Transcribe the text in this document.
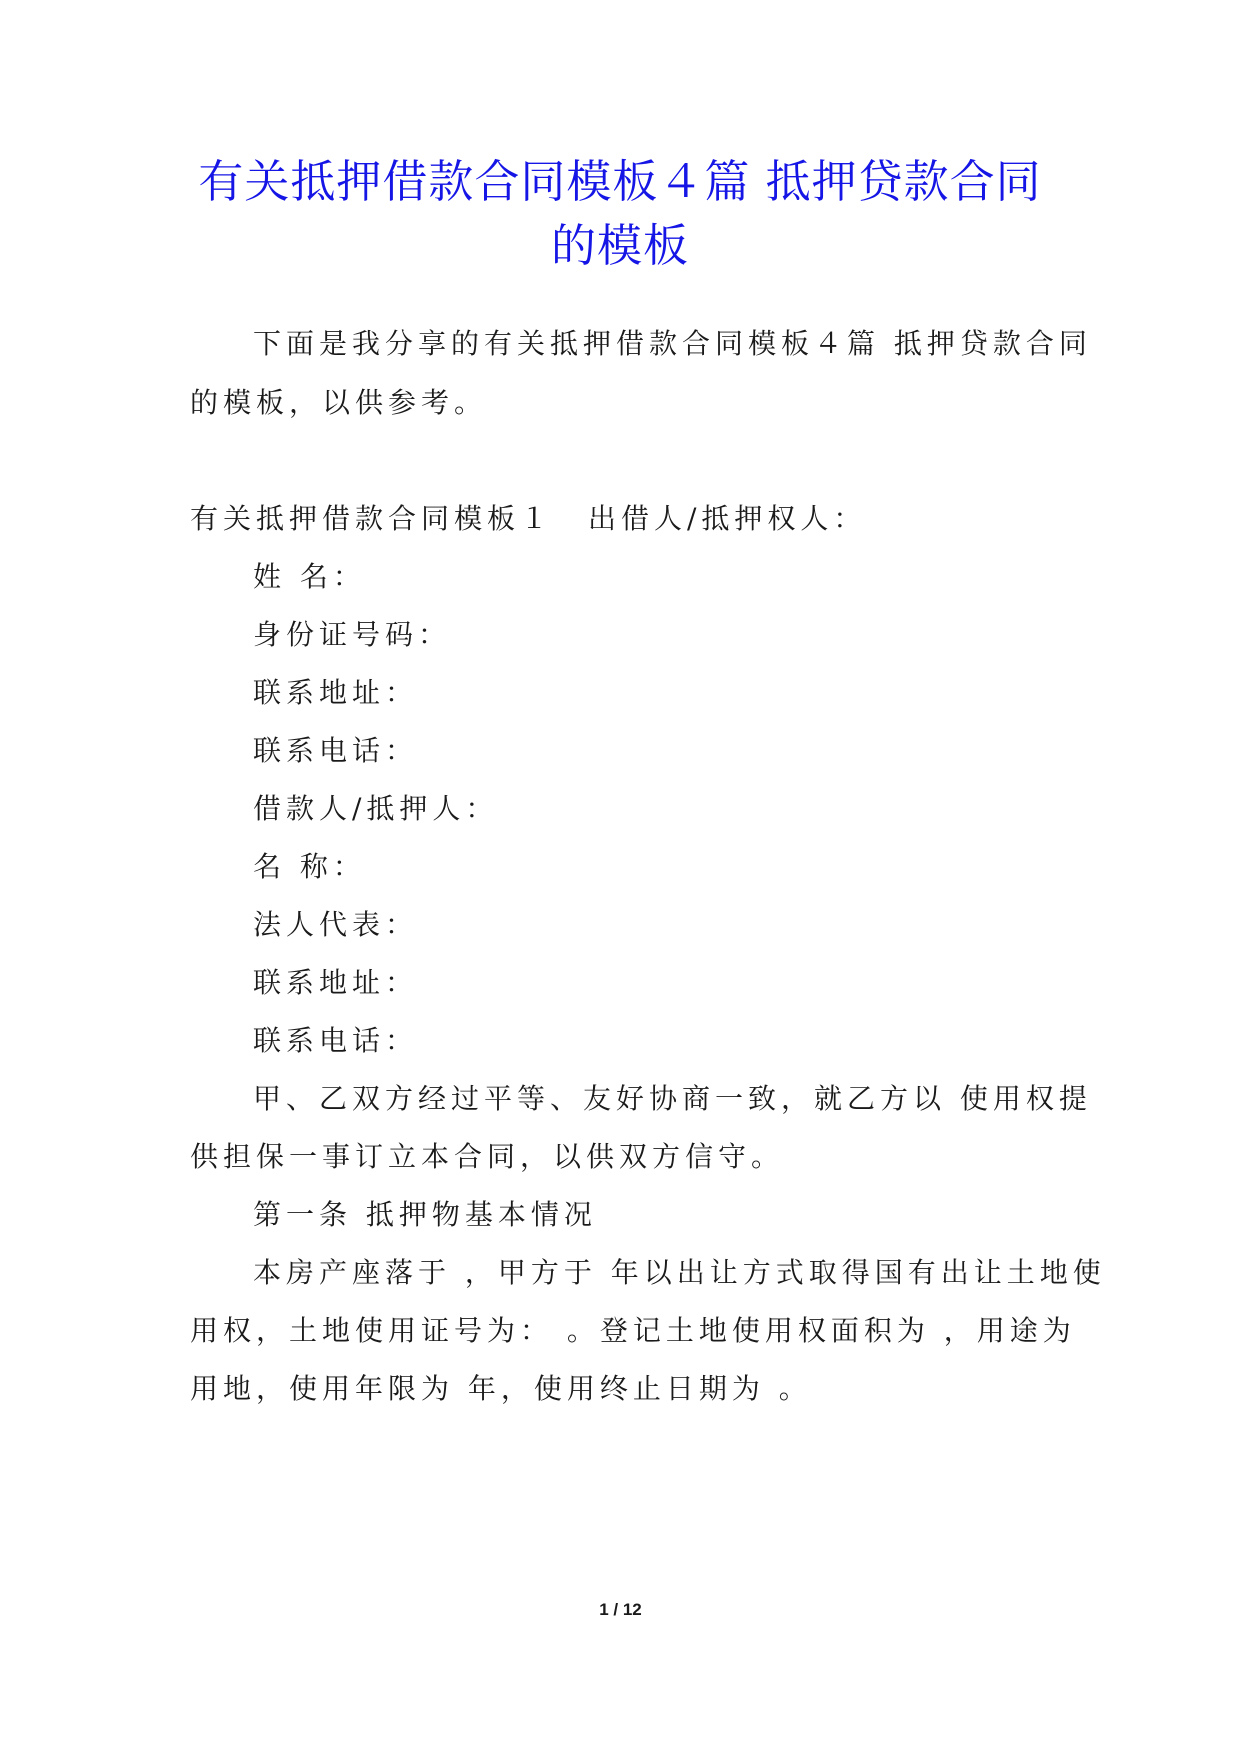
有关抵押借款合同模板４篇 抵押贷款合同
的模板
下面是我分享的有关抵押借款合同模板４篇 抵押贷款合同
的模板，以供参考。
有关抵押借款合同模板１ 出借人/抵押权人：
姓 名：
身份证号码：
联系地址：
联系电话：
借款人/抵押人：
名 称：
法人代表：
联系地址：
联系电话：
甲、乙双方经过平等、友好协商一致，就乙方以 使用权提
供担保一事订立本合同，以供双方信守。
第一条 抵押物基本情况
本房产座落于 ，甲方于 年以出让方式取得国有出让土地使
用权，土地使用证号为： 。登记土地使用权面积为 ，用途为
用地，使用年限为 年，使用终止日期为 。
1 / 12
